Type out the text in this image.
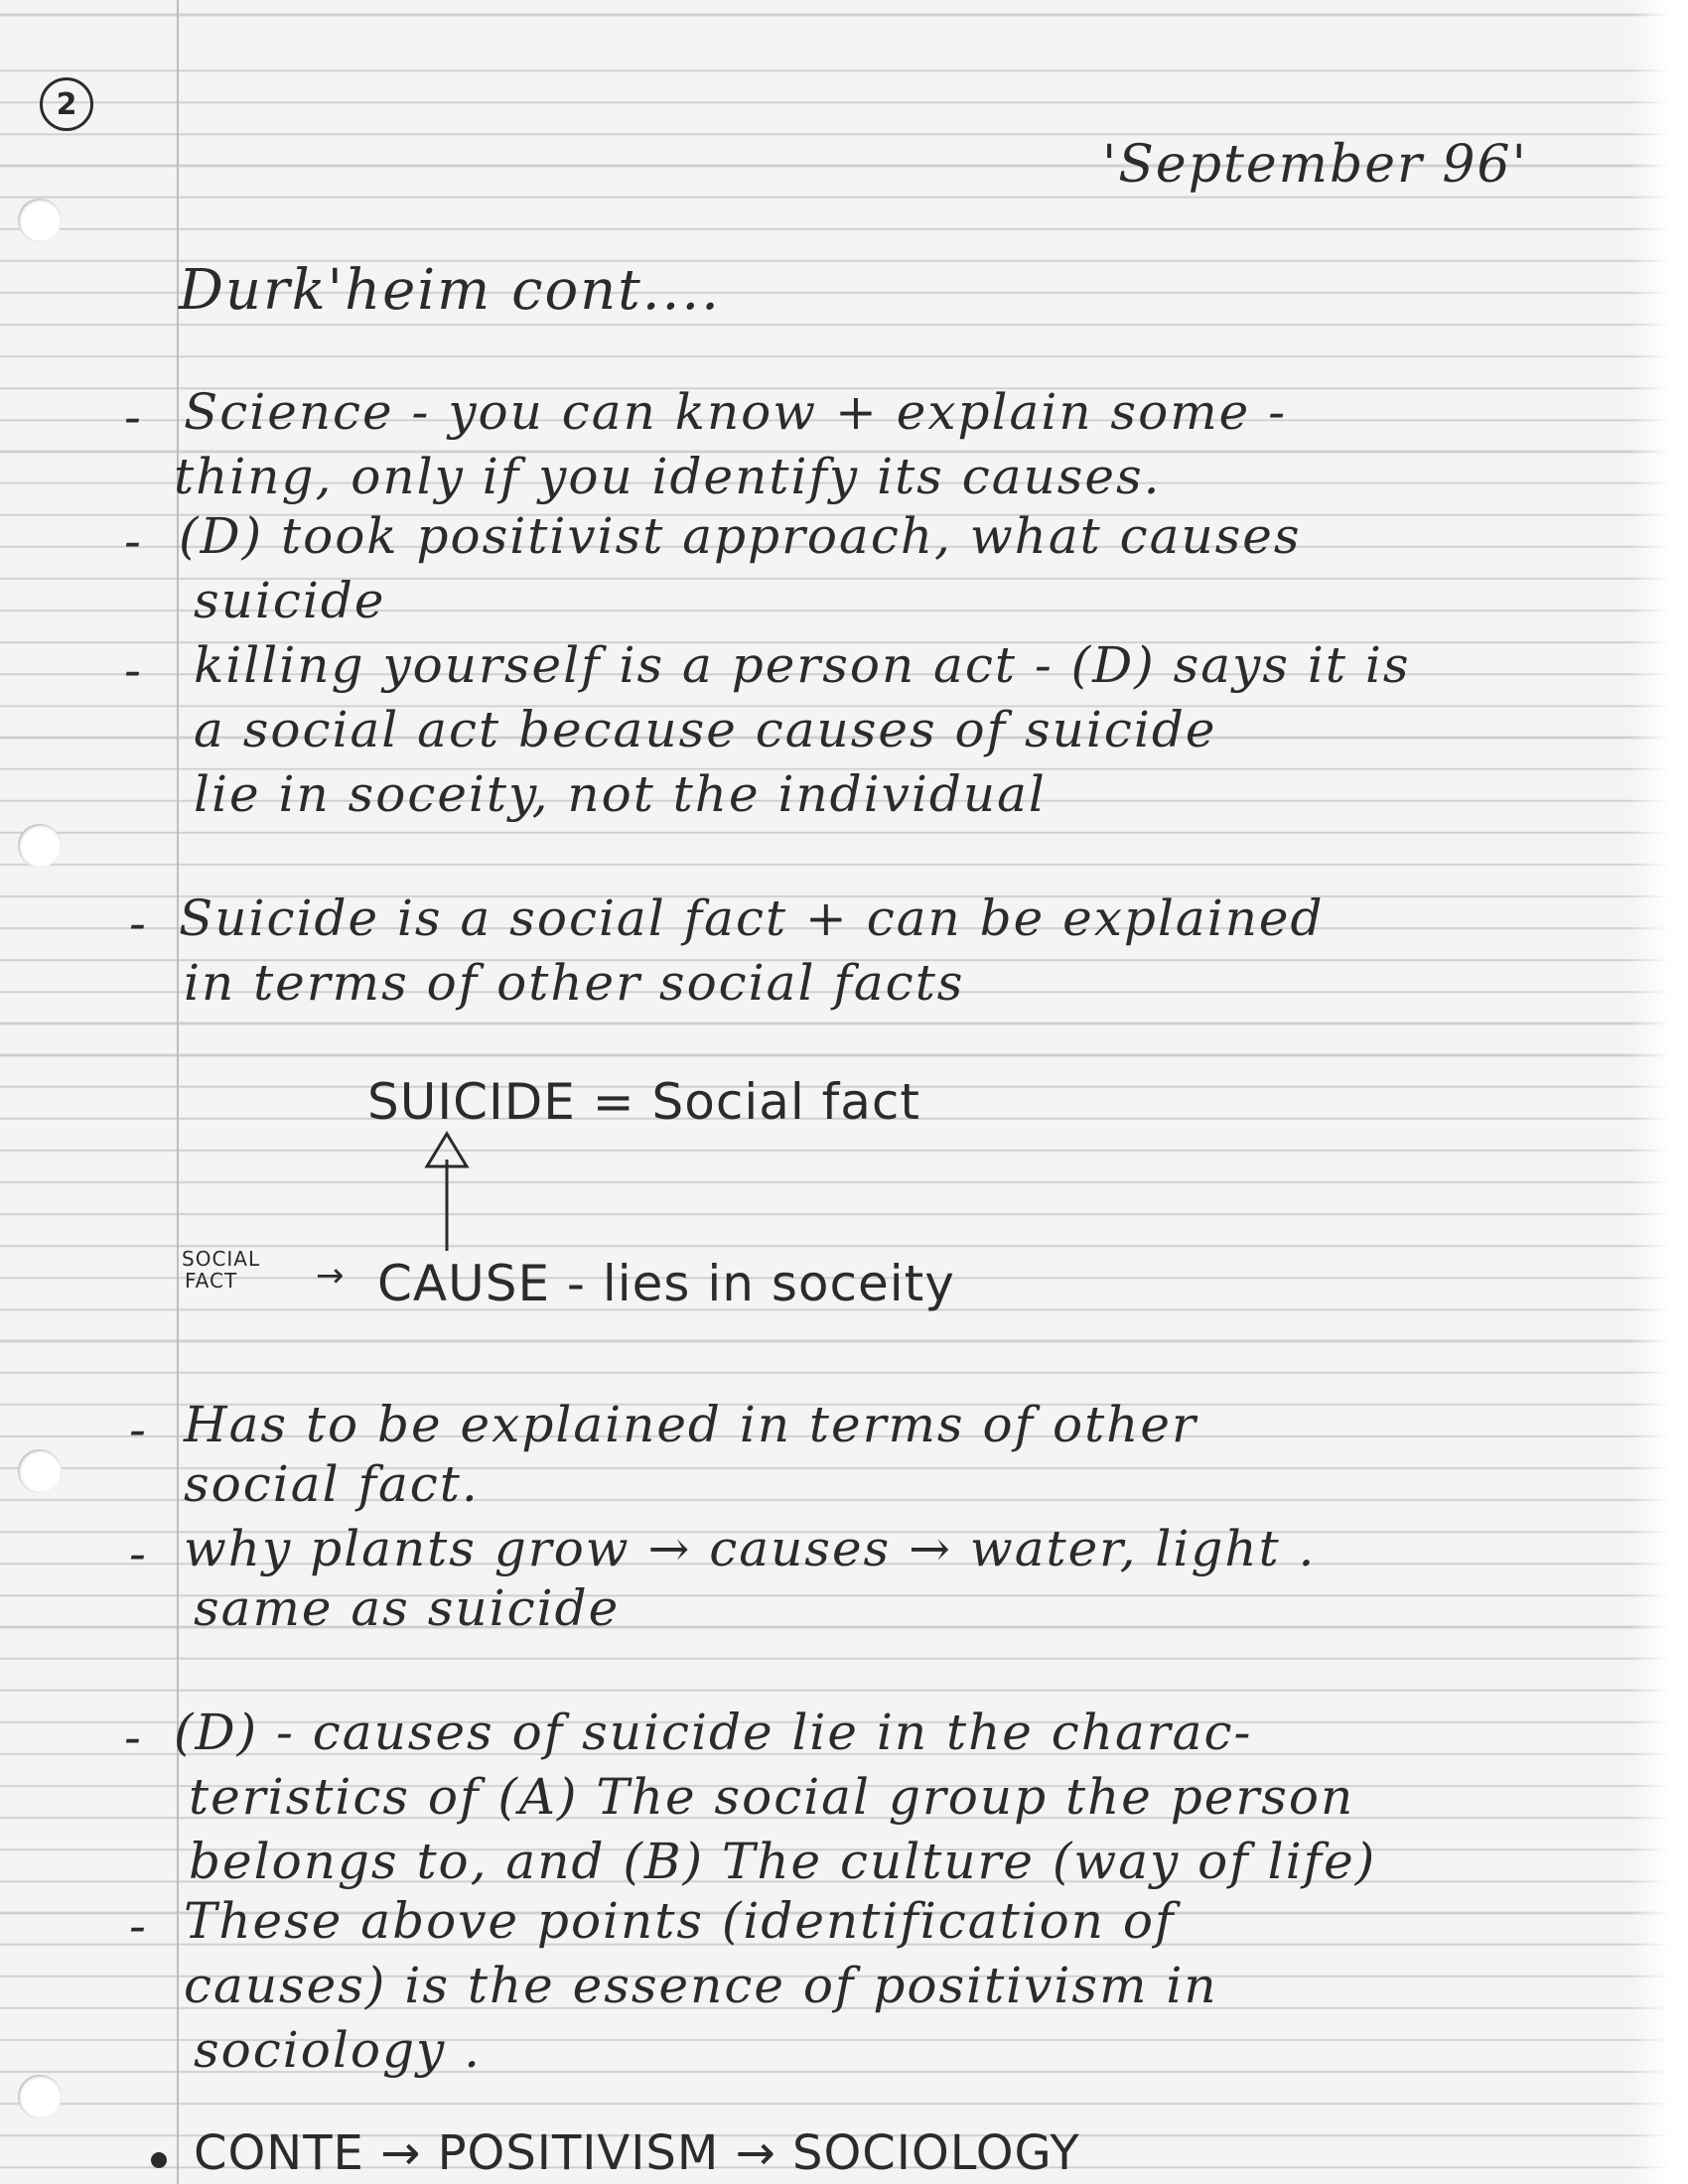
2
'September 96'
Durk'heim cont....
- Science - you can know + explain some -
thing, only if you identify its causes.
- (D) took positivist approach, what causes
suicide
- killing yourself is a person act - (D) says it is
a social act because causes of suicide
lie in soceity, not the individual
- Suicide is a social fact + can be explained
in terms of other social facts
SUICIDE = Social fact
SOCIAL
FACT → CAUSE - lies in soceity
- Has to be explained in terms of other
social fact.
- why plants grow → causes → water, light .
same as suicide
- (D) - causes of suicide lie in the charac-
teristics of (A) The social group the person
belongs to, and (B) The culture (way of life)
- These above points (identification of
causes) is the essence of positivism in
sociology .
CONTE → POSITIVISM → SOCIOLOGY
